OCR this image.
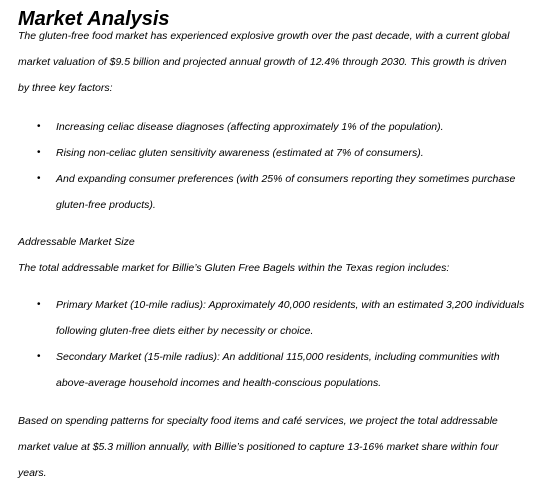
Market Analysis

The gluten-free food market has experienced explosive growth over the past decade, with a current global market valuation of $9.5 billion and projected annual growth of 12.4% through 2030. This growth is driven by three key factors:

• Increasing celiac disease diagnoses (affecting approximately 1% of the population).
• Rising non-celiac gluten sensitivity awareness (estimated at 7% of consumers).
• And expanding consumer preferences (with 25% of consumers reporting they sometimes purchase gluten-free products).

Addressable Market Size

The total addressable market for Billie’s Gluten Free Bagels within the Texas region includes:

• Primary Market (10-mile radius): Approximately 40,000 residents, with an estimated 3,200 individuals following gluten-free diets either by necessity or choice.
• Secondary Market (15-mile radius): An additional 115,000 residents, including communities with above-average household incomes and health-conscious populations.

Based on spending patterns for specialty food items and café services, we project the total addressable market value at $5.3 million annually, with Billie’s positioned to capture 13-16% market share within four years.
